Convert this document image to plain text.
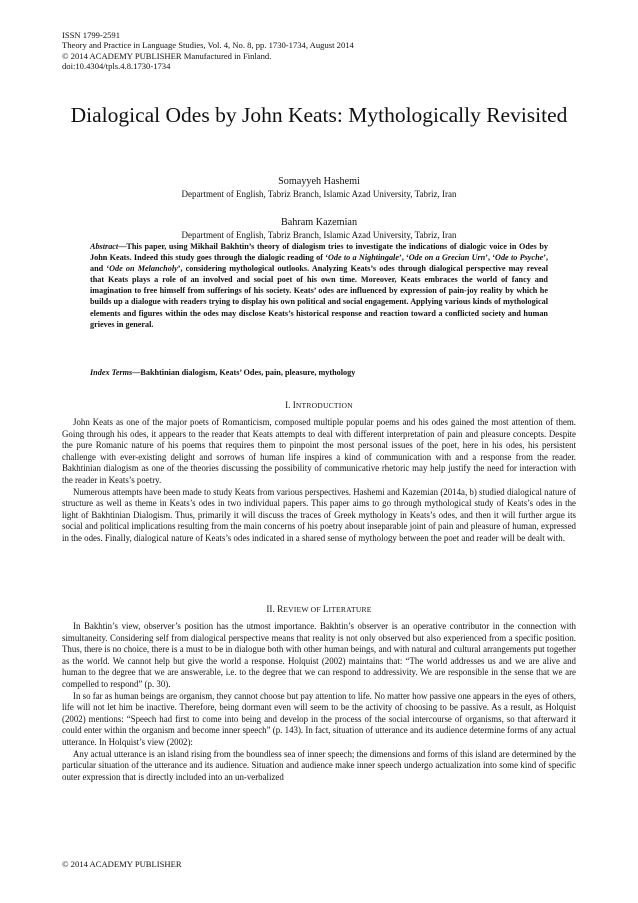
ISSN 1799-2591
Theory and Practice in Language Studies, Vol. 4, No. 8, pp. 1730-1734, August 2014
© 2014 ACADEMY PUBLISHER Manufactured in Finland.
doi:10.4304/tpls.4.8.1730-1734
Dialogical Odes by John Keats: Mythologically Revisited
Somayyeh Hashemi
Department of English, Tabriz Branch, Islamic Azad University, Tabriz, Iran
Bahram Kazemian
Department of English, Tabriz Branch, Islamic Azad University, Tabriz, Iran
Abstract—This paper, using Mikhail Bakhtin’s theory of dialogism tries to investigate the indications of dialogic voice in Odes by John Keats. Indeed this study goes through the dialogic reading of ‘Ode to a Nightingale’, ‘Ode on a Grecian Urn’, ‘Ode to Psyche’, and ‘Ode on Melancholy’, considering mythological outlooks. Analyzing Keats’s odes through dialogical perspective may reveal that Keats plays a role of an involved and social poet of his own time. Moreover, Keats embraces the world of fancy and imagination to free himself from sufferings of his society. Keats’ odes are influenced by expression of pain-joy reality by which he builds up a dialogue with readers trying to display his own political and social engagement. Applying various kinds of mythological elements and figures within the odes may disclose Keats’s historical response and reaction toward a conflicted society and human grieves in general.
Index Terms—Bakhtinian dialogism, Keats’ Odes, pain, pleasure, mythology
I. INTRODUCTION

John Keats as one of the major poets of Romanticism, composed multiple popular poems and his odes gained the most attention of them. Going through his odes, it appears to the reader that Keats attempts to deal with different interpretation of pain and pleasure concepts. Despite the pure Romanic nature of his poems that requires them to pinpoint the most personal issues of the poet, here in his odes, his persistent challenge with ever-existing delight and sorrows of human life inspires a kind of communication with and a response from the reader. Bakhtinian dialogism as one of the theories discussing the possibility of communicative rhetoric may help justify the need for interaction with the reader in Keats’s poetry.

Numerous attempts have been made to study Keats from various perspectives. Hashemi and Kazemian (2014a, b) studied dialogical nature of structure as well as theme in Keats’s odes in two individual papers. This paper aims to go through mythological study of Keats’s odes in the light of Bakhtinian Dialogism. Thus, primarily it will discuss the traces of Greek mythology in Keats’s odes, and then it will further argue its social and political implications resulting from the main concerns of his poetry about inseparable joint of pain and pleasure of human, expressed in the odes. Finally, dialogical nature of Keats’s odes indicated in a shared sense of mythology between the poet and reader will be dealt with.

II. REVIEW OF LITERATURE

In Bakhtin’s view, observer’s position has the utmost importance. Bakhtin’s observer is an operative contributor in the connection with simultaneity. Considering self from dialogical perspective means that reality is not only observed but also experienced from a specific position. Thus, there is no choice, there is a must to be in dialogue both with other human beings, and with natural and cultural arrangements put together as the world. We cannot help but give the world a response. Holquist (2002) maintains that: “The world addresses us and we are alive and human to the degree that we are answerable, i.e. to the degree that we can respond to addressivity. We are responsible in the sense that we are compelled to respond” (p. 30).

In so far as human beings are organism, they cannot choose but pay attention to life. No matter how passive one appears in the eyes of others, life will not let him be inactive. Therefore, being dormant even will seem to be the activity of choosing to be passive. As a result, as Holquist (2002) mentions: “Speech had first to come into being and develop in the process of the social intercourse of organisms, so that afterward it could enter within the organism and become inner speech” (p. 143). In fact, situation of utterance and its audience determine forms of any actual utterance. In Holquist’s view (2002):

Any actual utterance is an island rising from the boundless sea of inner speech; the dimensions and forms of this island are determined by the particular situation of the utterance and its audience. Situation and audience make inner speech undergo actualization into some kind of specific outer expression that is directly included into an un-verbalized

© 2014 ACADEMY PUBLISHER
